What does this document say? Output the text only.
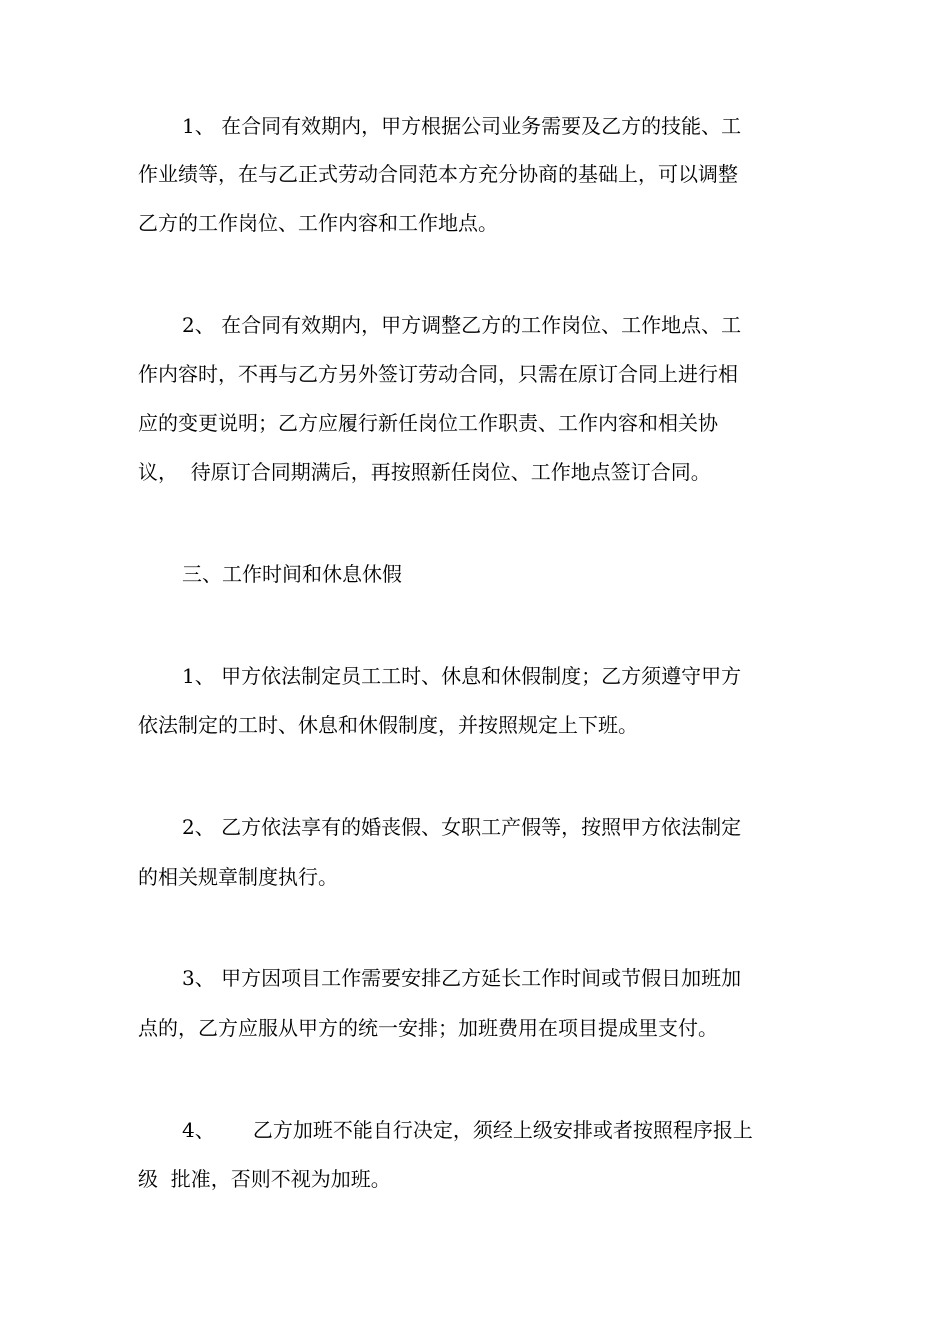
1、 在合同有效期内，甲方根据公司业务需要及乙方的技能、工
作业绩等，在与乙正式劳动合同范本方充分协商的基础上，可以调整
乙方的工作岗位、工作内容和工作地点。
2、 在合同有效期内，甲方调整乙方的工作岗位、工作地点、工
作内容时，不再与乙方另外签订劳动合同，只需在原订合同上进行相
应的变更说明；乙方应履行新任岗位工作职责、工作内容和相关协
议，  待原订合同期满后，再按照新任岗位、工作地点签订合同。
三、工作时间和休息休假
1、 甲方依法制定员工工时、休息和休假制度；乙方须遵守甲方
依法制定的工时、休息和休假制度，并按照规定上下班。
2、 乙方依法享有的婚丧假、女职工产假等，按照甲方依法制定
的相关规章制度执行。
3、 甲方因项目工作需要安排乙方延长工作时间或节假日加班加
点的，乙方应服从甲方的统一安排；加班费用在项目提成里支付。
4、      乙方加班不能自行决定，须经上级安排或者按照程序报上
级  批准，否则不视为加班。
